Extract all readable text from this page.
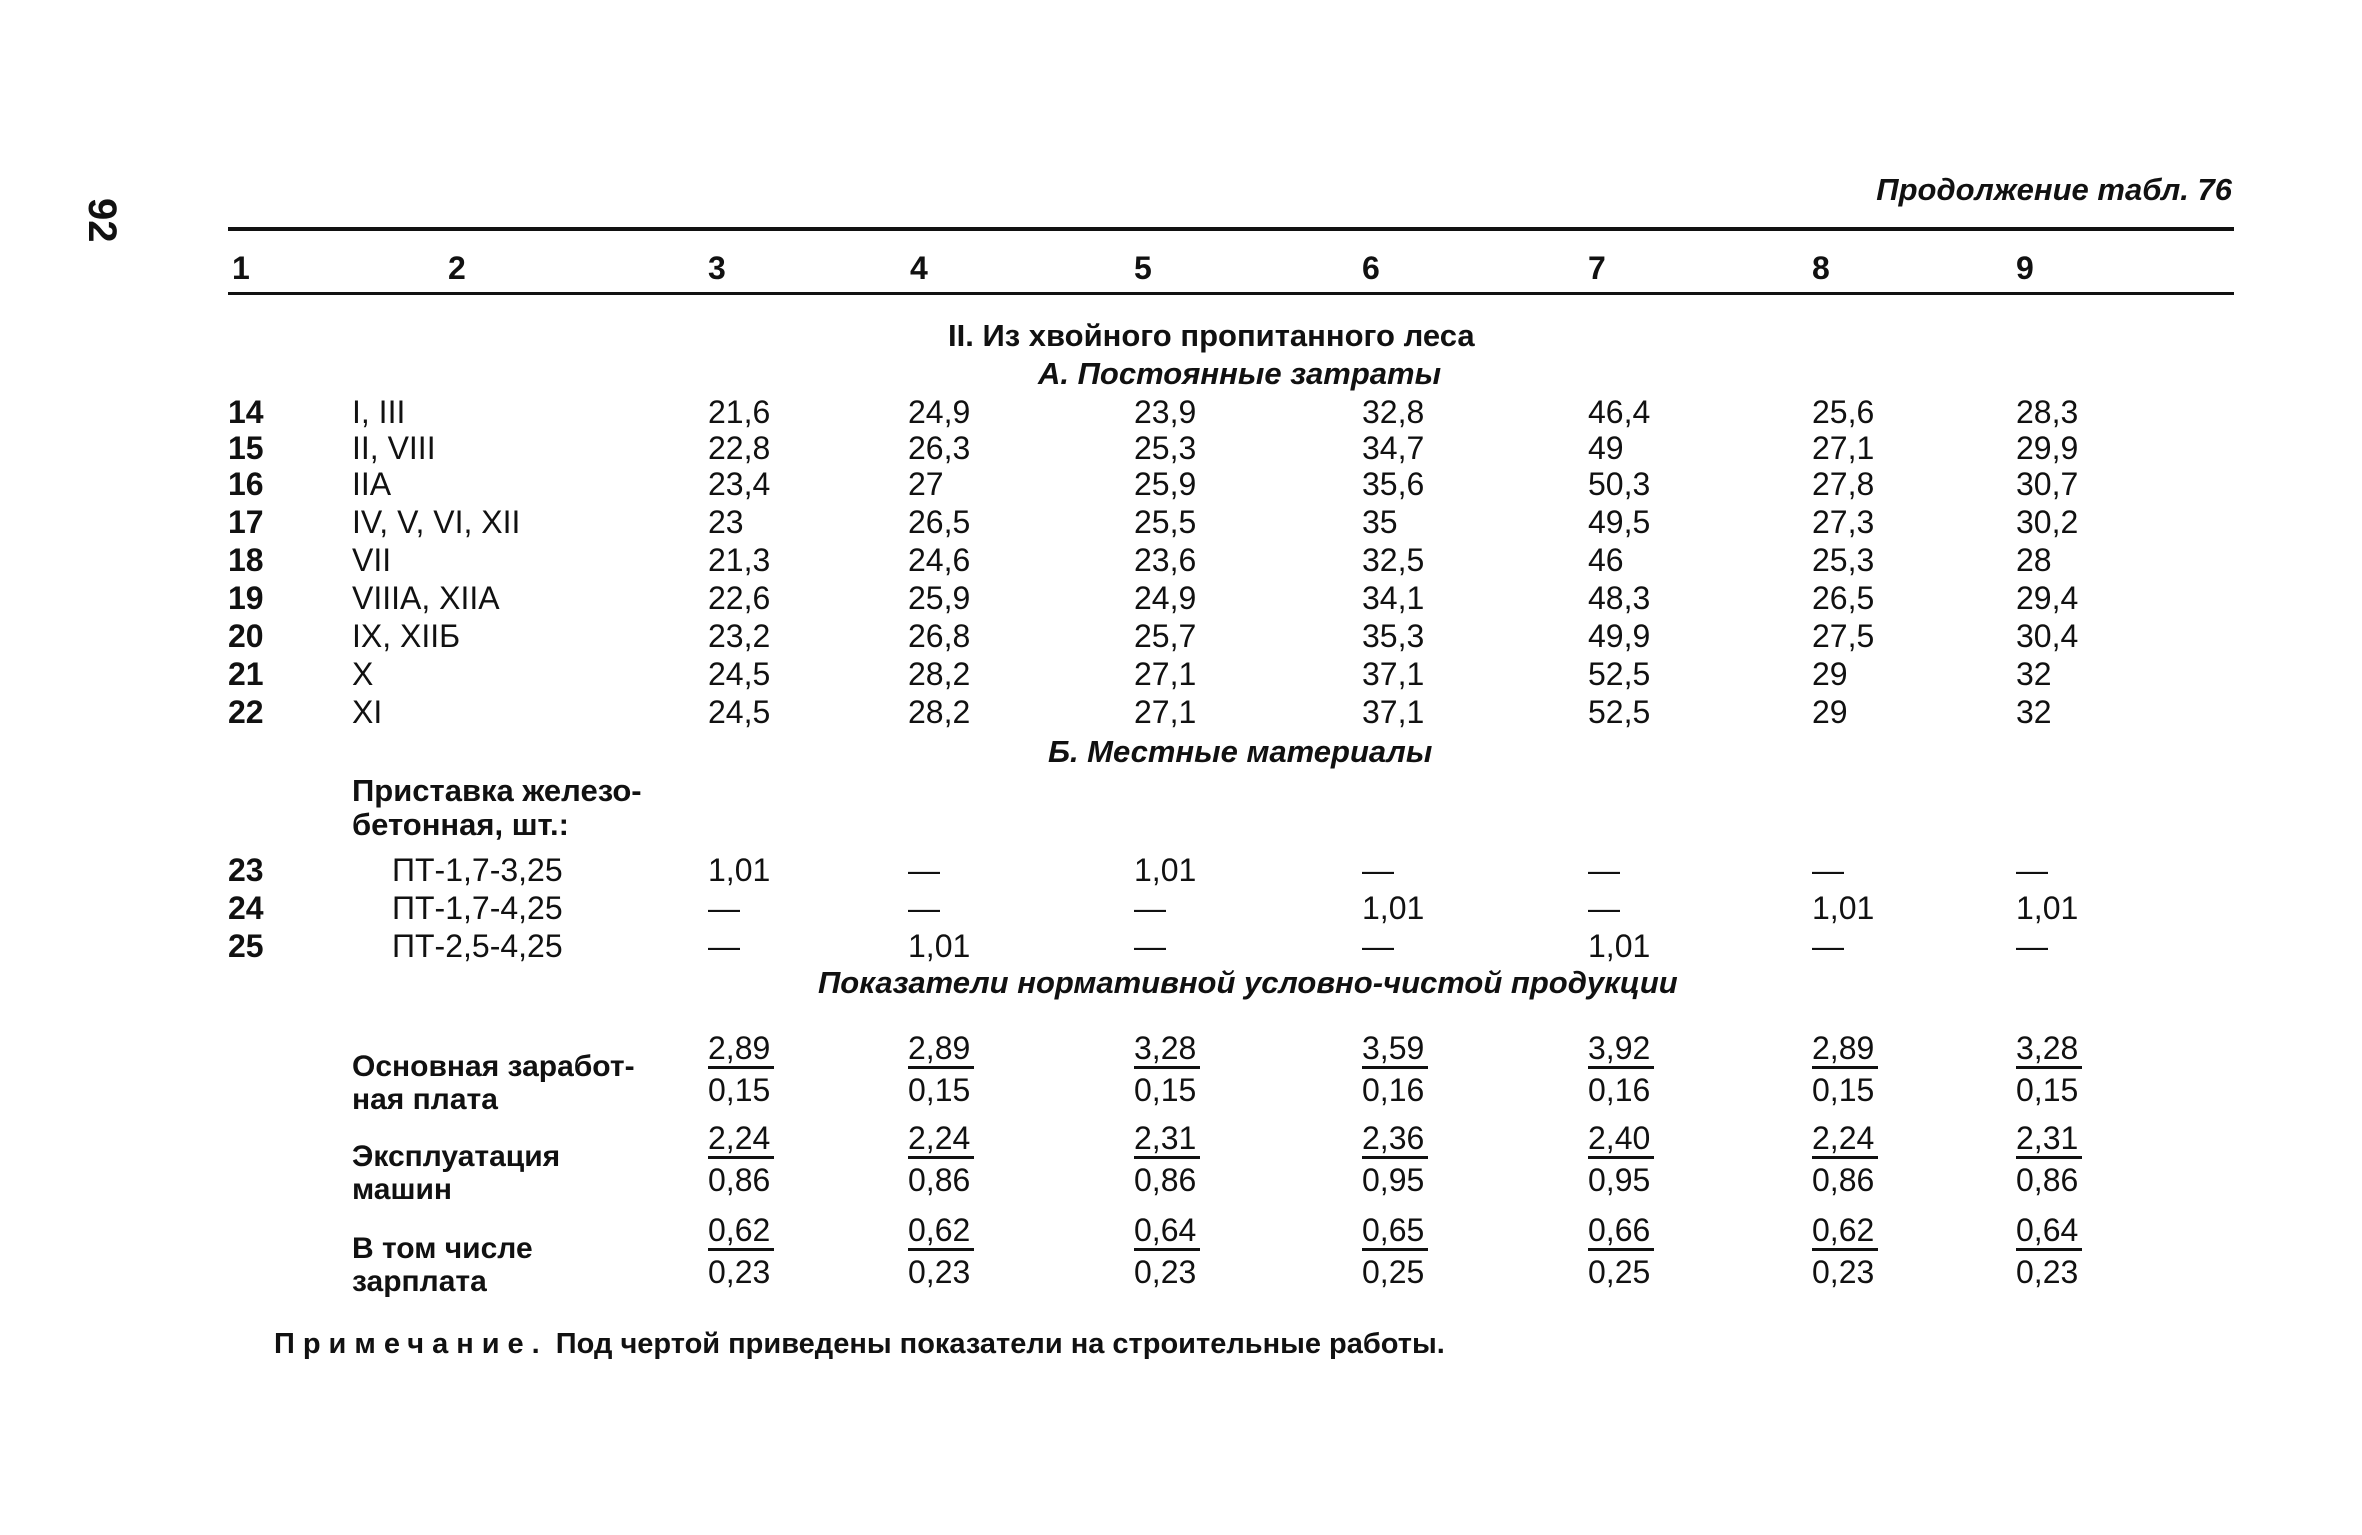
92
Продолжение табл. 76
1	2	3	4	5	6	7	8	9
II. Из хвойного пропитанного леса
А. Постоянные затраты
14	I, III	21,6	24,9	23,9	32,8	46,4	25,6	28,3
15	II, VIII	22,8	26,3	25,3	34,7	49	27,1	29,9
16	IIA	23,4	27	25,9	35,6	50,3	27,8	30,7
17	IV, V, VI, XII	23	26,5	25,5	35	49,5	27,3	30,2
18	VII	21,3	24,6	23,6	32,5	46	25,3	28
19	VIIIA, XIIA	22,6	25,9	24,9	34,1	48,3	26,5	29,4
20	IX, XIIБ	23,2	26,8	25,7	35,3	49,9	27,5	30,4
21	X	24,5	28,2	27,1	37,1	52,5	29	32
22	XI	24,5	28,2	27,1	37,1	52,5	29	32
Б. Местные материалы
Приставка железо-
бетонная, шт.:
23	ПТ-1,7-3,25	1,01	—	1,01	—	—	—	—
24	ПТ-1,7-4,25	—	—	—	1,01	—	1,01	1,01
25	ПТ-2,5-4,25	—	1,01	—	—	1,01	—	—
Показатели нормативной условно-чистой продукции
Основная заработ-
ная плата	$\frac{2,89}{0,15}$	$\frac{2,89}{0,15}$	$\frac{3,28}{0,15}$	$\frac{3,59}{0,16}$	$\frac{3,92}{0,16}$	$\frac{2,89}{0,15}$	$\frac{3,28}{0,15}$
Эксплуатация
машин	$\frac{2,24}{0,86}$	$\frac{2,24}{0,86}$	$\frac{2,31}{0,86}$	$\frac{2,36}{0,95}$	$\frac{2,40}{0,95}$	$\frac{2,24}{0,86}$	$\frac{2,31}{0,86}$
В том числе
зарплата	$\frac{0,62}{0,23}$	$\frac{0,62}{0,23}$	$\frac{0,64}{0,23}$	$\frac{0,65}{0,25}$	$\frac{0,66}{0,25}$	$\frac{0,62}{0,23}$	$\frac{0,64}{0,23}$
Примечание. Под чертой приведены показатели на строительные работы.
